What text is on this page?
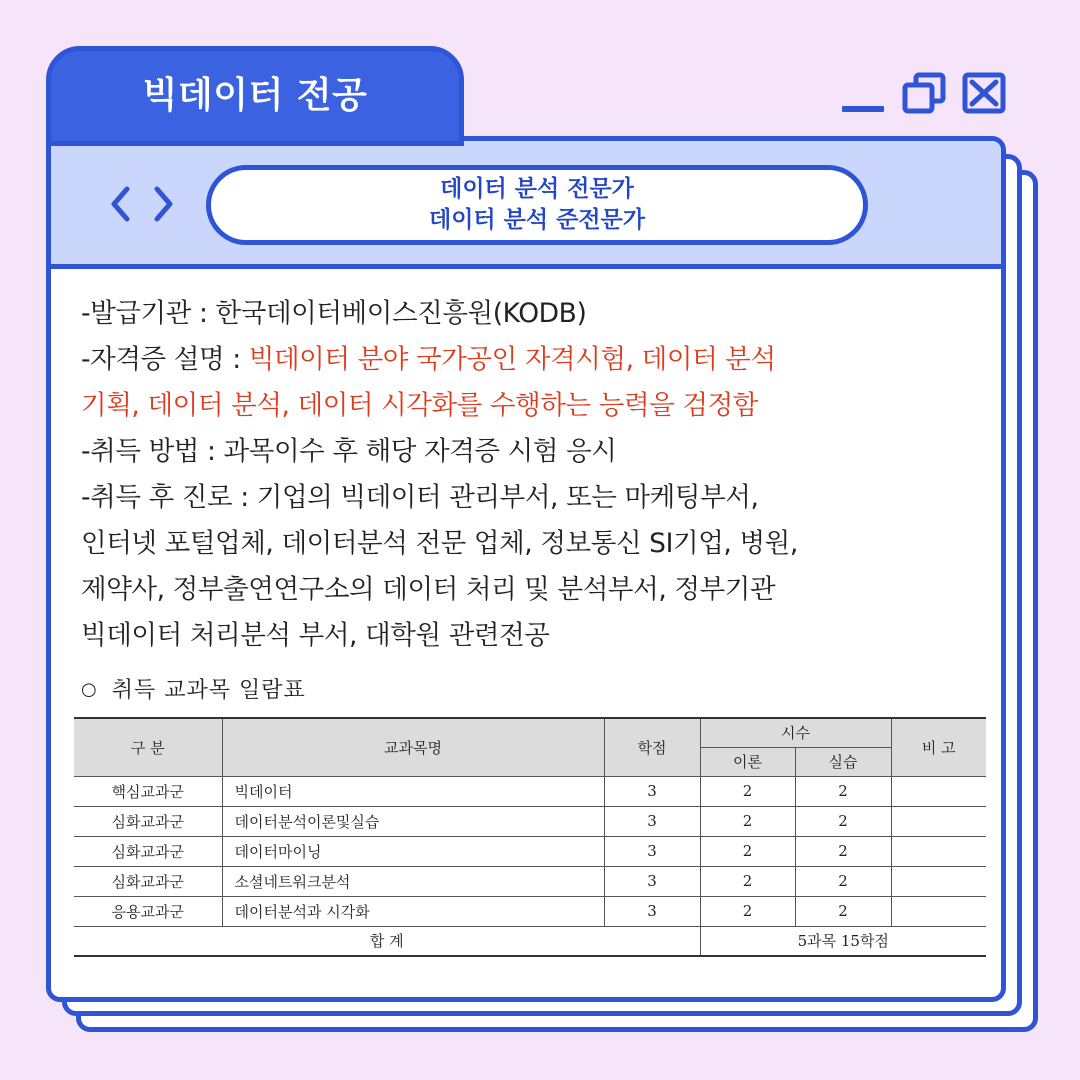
데이터 분석 전문가
데이터 분석 준전문가

-발급기관 : 한국데이터베이스진흥원(KODB)

-자격증 설명 : 빅데이터 분야 국가공인 자격시험, 데이터 분석

기획, 데이터 분석, 데이터 시각화를 수행하는 능력을 검정함

-취득 방법 : 과목이수 후 해당 자격증 시험 응시

-취득 후 진로 : 기업의 빅데이터 관리부서, 또는 마케팅부서,

인터넷 포털업체, 데이터분석 전문 업체, 정보통신 SI기업, 병원,

제약사, 정부출연연구소의 데이터 처리 및 분석부서, 정부기관

빅데이터 처리분석 부서, 대학원 관련전공

○ 취득 교과목 일람표
구 분	교과목명	학점	시수		비 고
			이론	실습	
핵심교과군	빅데이터	3	2	2	
심화교과군	데이터분석이론및실습	3	2	2	
심화교과군	데이터마이닝	3	2	2	
심화교과군	소셜네트워크분석	3	2	2	
응용교과군	데이터분석과 시각화	3	2	2	
합 계			5과목 15학점		
빅데이터 전공
